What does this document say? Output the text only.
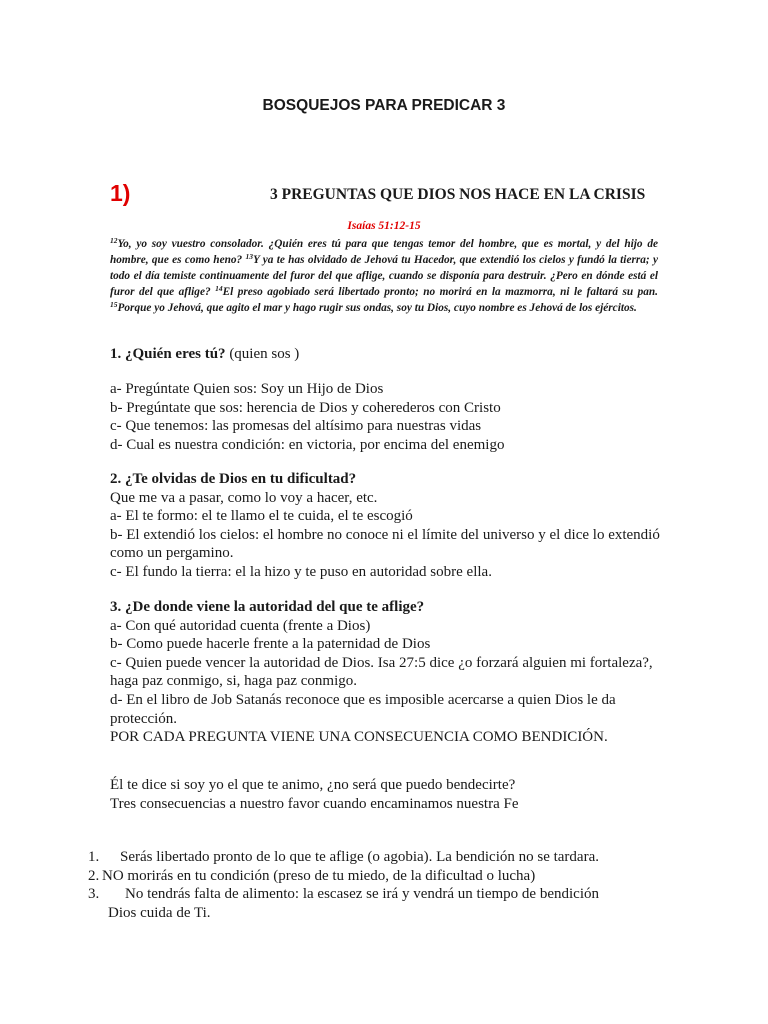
BOSQUEJOS PARA PREDICAR 3
1)	3 PREGUNTAS QUE DIOS NOS HACE EN LA CRISIS
Isaías 51:12-15
$^{12}$Yo, yo soy vuestro consolador. ¿Quién eres tú para que tengas temor del hombre, que es mortal, y del hijo de hombre, que es como heno? $^{13}$Y ya te has olvidado de Jehová tu Hacedor, que extendió los cielos y fundó la tierra; y todo el día temiste continuamente del furor del que aflige, cuando se disponía para destruir. ¿Pero en dónde está el furor del que aflige? $^{14}$El preso agobiado será libertado pronto; no morirá en la mazmorra, ni le faltará su pan. $^{15}$Porque yo Jehová, que agito el mar y hago rugir sus ondas, soy tu Dios, cuyo nombre es Jehová de los ejércitos.
1. ¿Quién eres tú? (quien sos )
a- Pregúntate Quien sos: Soy un Hijo de Dios
b- Pregúntate que sos: herencia de Dios y coherederos con Cristo
c- Que tenemos: las promesas del altísimo para nuestras vidas
d- Cual es nuestra condición: en victoria, por encima del enemigo
2. ¿Te olvidas de Dios en tu dificultad?
Que me va a pasar, como lo voy a hacer, etc.
a- El te formo: el te llamo el te cuida, el te escogió
b- El extendió los cielos: el hombre no conoce ni el límite del universo y el dice lo extendió como un pergamino.
c- El fundo la tierra: el la hizo y te puso en autoridad sobre ella.
3. ¿De donde viene la autoridad del que te aflige?
a- Con qué autoridad cuenta (frente a Dios)
b- Como puede hacerle frente a la paternidad de Dios
c- Quien puede vencer la autoridad de Dios. Isa 27:5 dice ¿o forzará alguien mi fortaleza?, haga paz conmigo, si, haga paz conmigo.
d- En el libro de Job Satanás reconoce que es imposible acercarse a quien Dios le da protección.
POR CADA PREGUNTA VIENE UNA CONSECUENCIA COMO BENDICIÓN.
Él te dice si soy yo el que te animo, ¿no será que puedo bendecirte?
Tres consecuencias a nuestro favor cuando encaminamos nuestra Fe
1. Serás libertado pronto de lo que te aflige (o agobia). La bendición no se tardara.
2. NO morirás en tu condición (preso de tu miedo, de la dificultad o lucha)
3. No tendrás falta de alimento: la escasez se irá y vendrá un tiempo de bendición
Dios cuida de Ti.
